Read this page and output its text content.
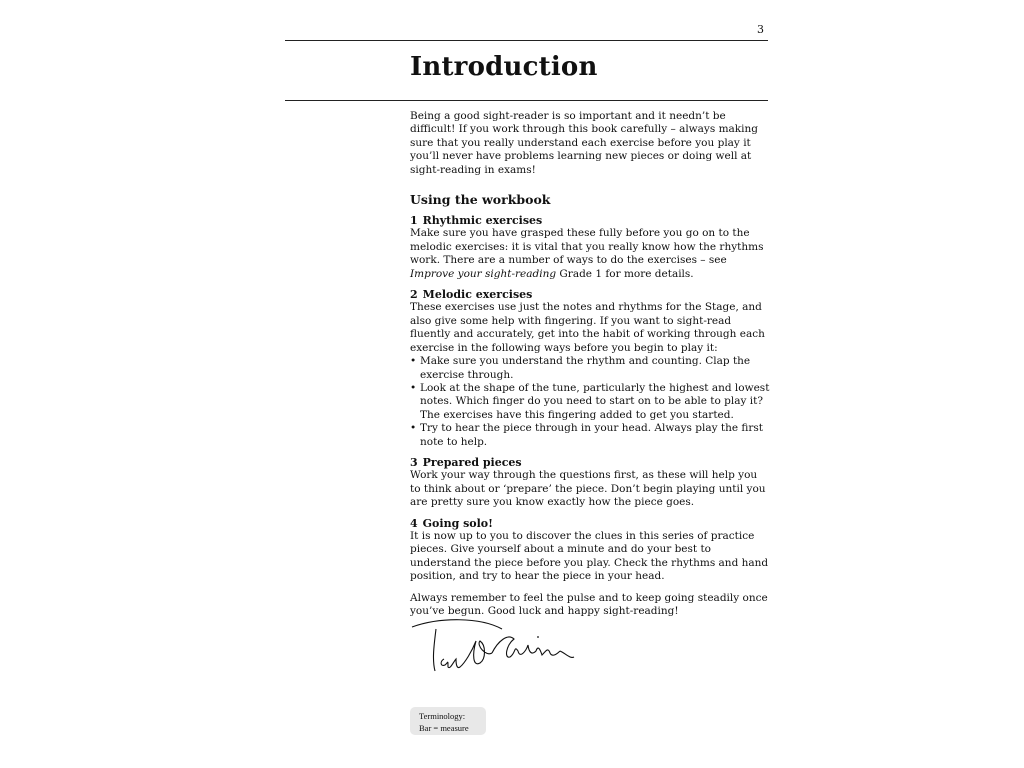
3
Introduction

Being a good sight-reader is so important and it needn’t be difficult! If you work through this book carefully – always making sure that you really understand each exercise before you play it you’ll never have problems learning new pieces or doing well at sight-reading in exams!

Using the workbook
1 Rhythmic exercises

Make sure you have grasped these fully before you go on to the melodic exercises: it is vital that you really know how the rhythms work. There are a number of ways to do the exercises – see Improve your sight-reading Grade 1 for more details.

2 Melodic exercises

These exercises use just the notes and rhythms for the Stage, and also give some help with fingering. If you want to sight-read fluently and accurately, get into the habit of working through each exercise in the following ways before you begin to play it:

• Make sure you understand the rhythm and counting. Clap the exercise through.
• Look at the shape of the tune, particularly the highest and lowest notes. Which finger do you need to start on to be able to play it? The exercises have this fingering added to get you started.
• Try to hear the piece through in your head. Always play the first note to help.
3 Prepared pieces

Work your way through the questions first, as these will help you to think about or ‘prepare’ the piece. Don’t begin playing until you are pretty sure you know exactly how the piece goes.

4 Going solo!

It is now up to you to discover the clues in this series of practice pieces. Give yourself about a minute and do your best to understand the piece before you play. Check the rhythms and hand position, and try to hear the piece in your head.

Always remember to feel the pulse and to keep going steadily once you’ve begun. Good luck and happy sight-reading!

Terminology:
Bar = measure
